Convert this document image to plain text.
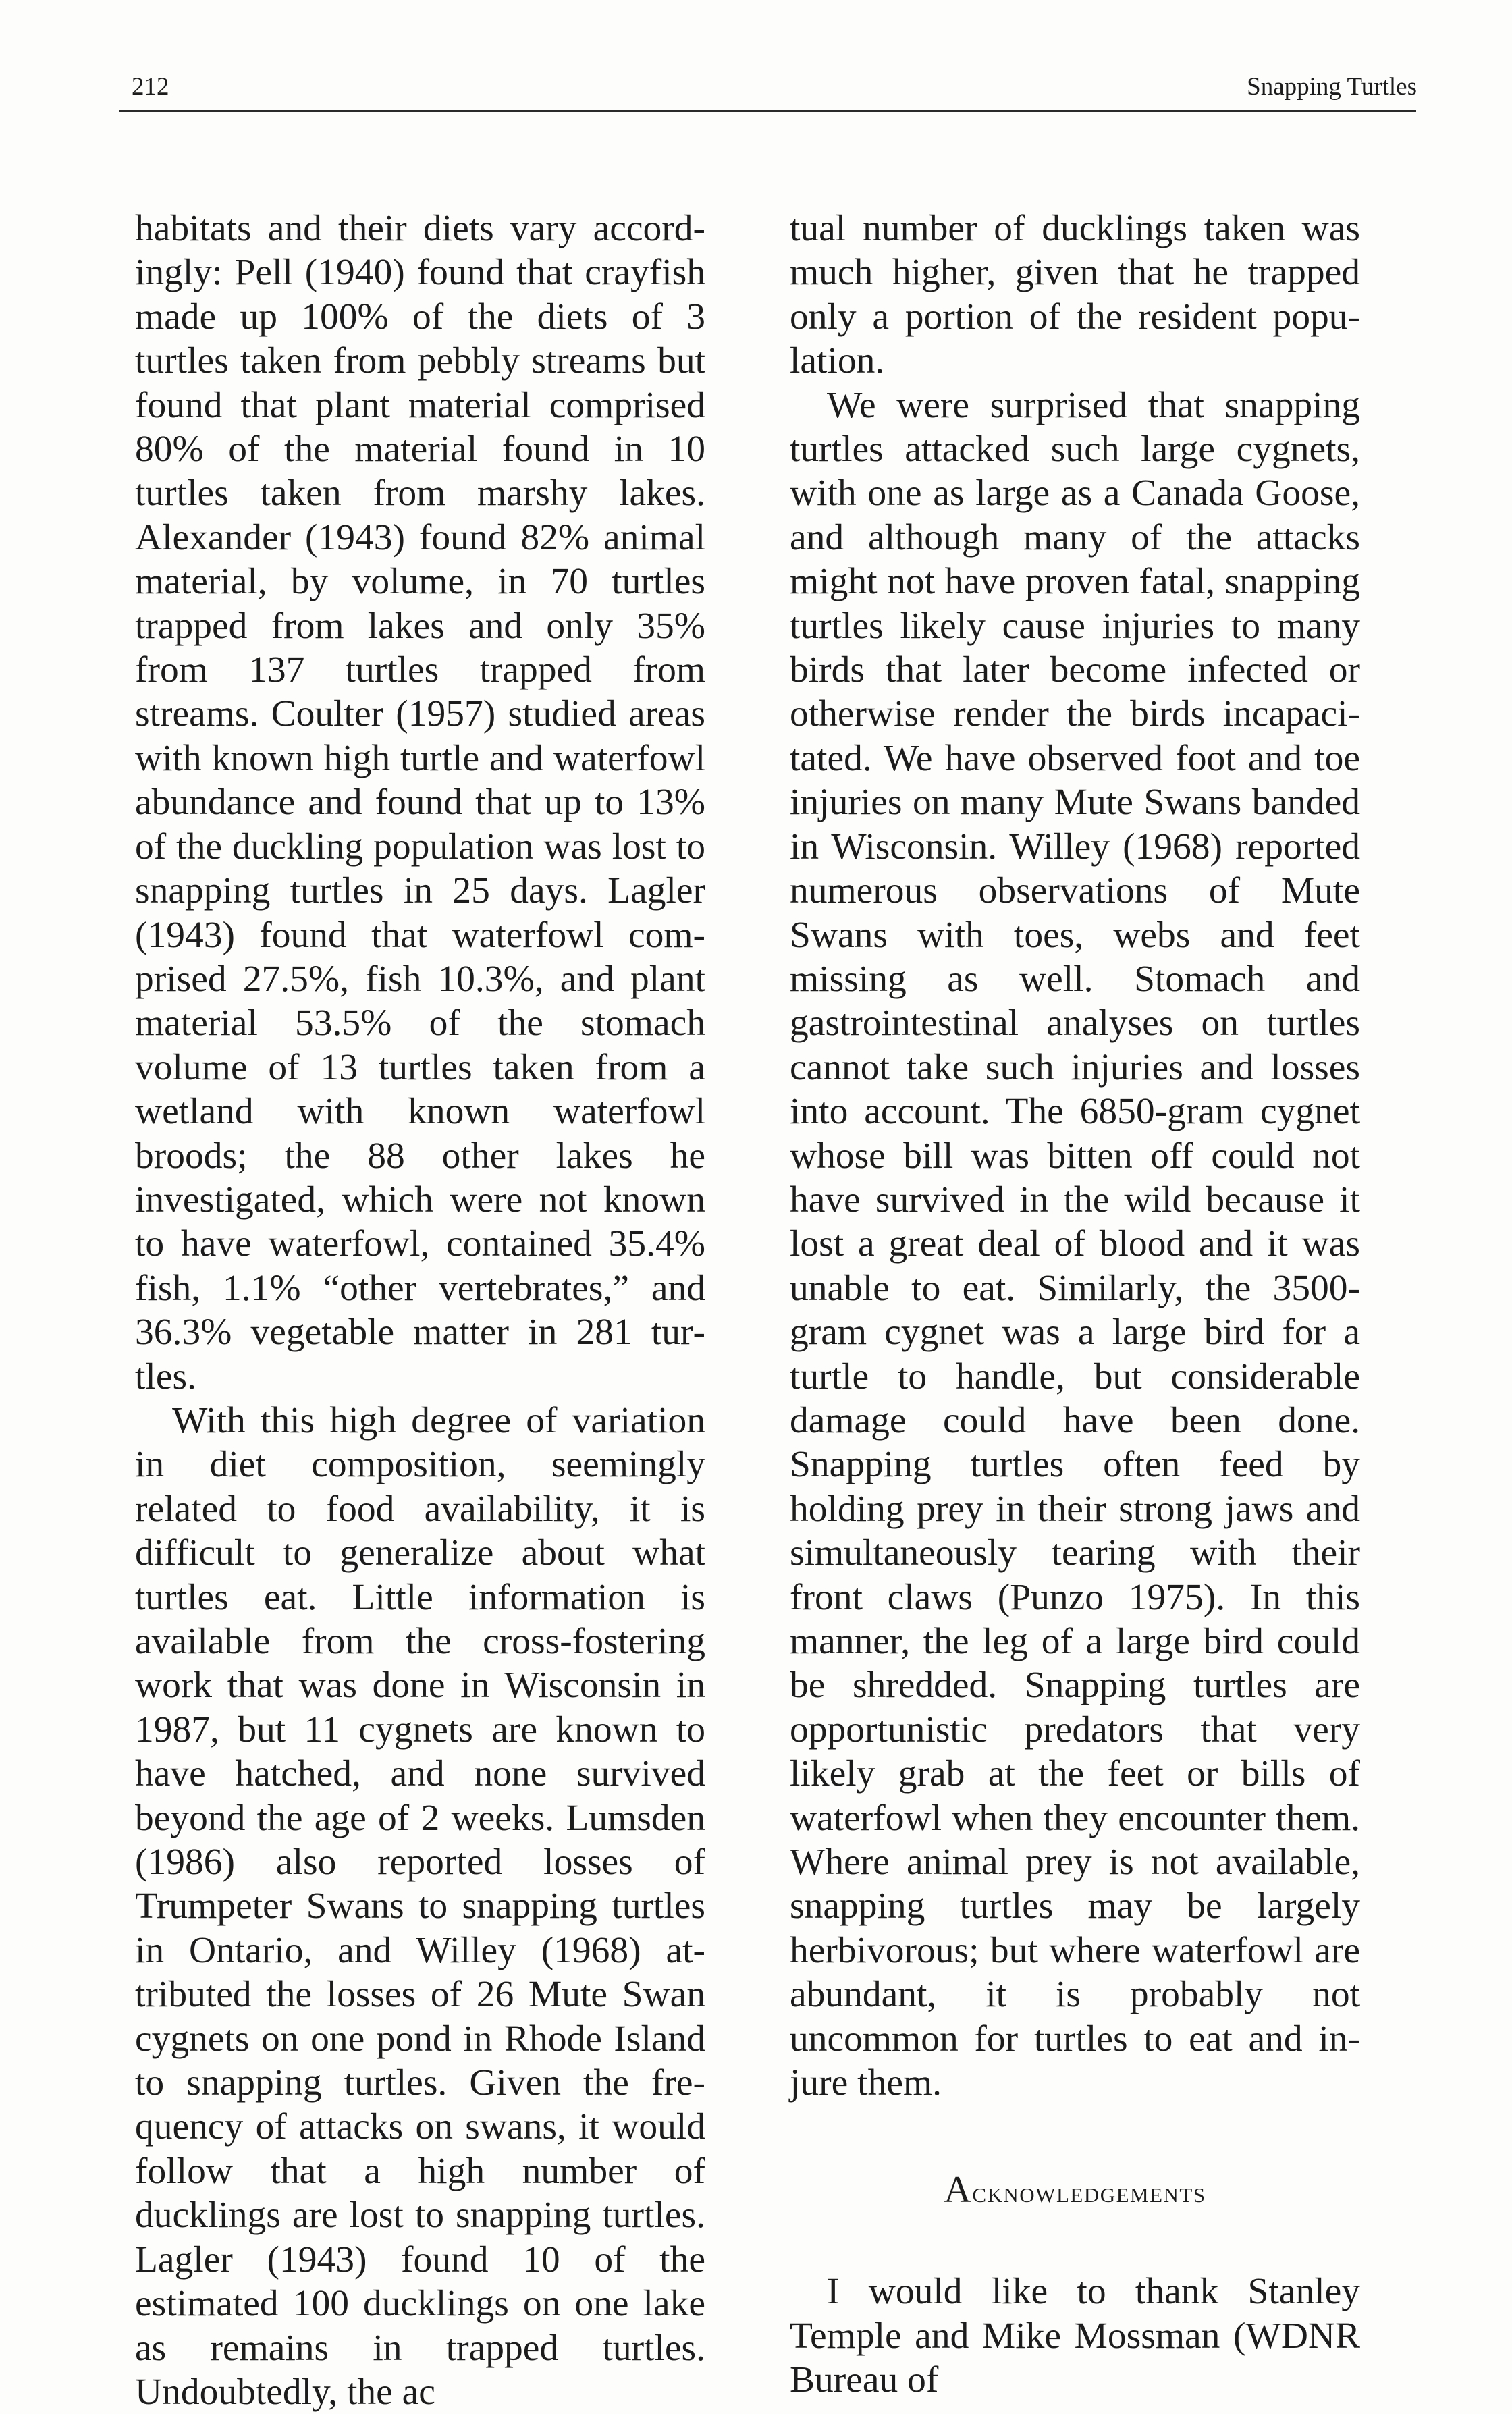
212	Snapping Turtles

habitats and their diets vary accordingly: Pell (1940) found that crayfish made up 100% of the diets of 3 turtles taken from pebbly streams but found that plant material comprised 80% of the material found in 10 turtles taken from marshy lakes. Alexander (1943) found 82% animal material, by volume, in 70 turtles trapped from lakes and only 35% from 137 turtles trapped from streams. Coulter (1957) studied areas with known high turtle and waterfowl abundance and found that up to 13% of the duckling population was lost to snapping turtles in 25 days. Lagler (1943) found that waterfowl comprised 27.5%, fish 10.3%, and plant material 53.5% of the stomach volume of 13 turtles taken from a wetland with known waterfowl broods; the 88 other lakes he investigated, which were not known to have waterfowl, contained 35.4% fish, 1.1% “other vertebrates,” and 36.3% vegetable matter in 281 turtles.

With this high degree of variation in diet composition, seemingly related to food availability, it is difficult to generalize about what turtles eat. Little information is available from the cross-fostering work that was done in Wisconsin in 1987, but 11 cygnets are known to have hatched, and none survived beyond the age of 2 weeks. Lumsden (1986) also reported losses of Trumpeter Swans to snapping turtles in Ontario, and Willey (1968) attributed the losses of 26 Mute Swan cygnets on one pond in Rhode Island to snapping turtles. Given the frequency of attacks on swans, it would follow that a high number of ducklings are lost to snapping turtles. Lagler (1943) found 10 of the estimated 100 ducklings on one lake as remains in trapped turtles. Undoubtedly, the ac

tual number of ducklings taken was much higher, given that he trapped only a portion of the resident population.

We were surprised that snapping turtles attacked such large cygnets, with one as large as a Canada Goose, and although many of the attacks might not have proven fatal, snapping turtles likely cause injuries to many birds that later become infected or otherwise render the birds incapacitated. We have observed foot and toe injuries on many Mute Swans banded in Wisconsin. Willey (1968) reported numerous observations of Mute Swans with toes, webs and feet missing as well. Stomach and gastrointestinal analyses on turtles cannot take such injuries and losses into account. The 6850-gram cygnet whose bill was bitten off could not have survived in the wild because it lost a great deal of blood and it was unable to eat. Similarly, the 3500-gram cygnet was a large bird for a turtle to handle, but considerable damage could have been done. Snapping turtles often feed by holding prey in their strong jaws and simultaneously tearing with their front claws (Punzo 1975). In this manner, the leg of a large bird could be shredded. Snapping turtles are opportunistic predators that very likely grab at the feet or bills of waterfowl when they encounter them. Where animal prey is not available, snapping turtles may be largely herbivorous; but where waterfowl are abundant, it is probably not uncommon for turtles to eat and injure them.

Acknowledgements

I would like to thank Stanley Temple and Mike Mossman (WDNR Bureau of
